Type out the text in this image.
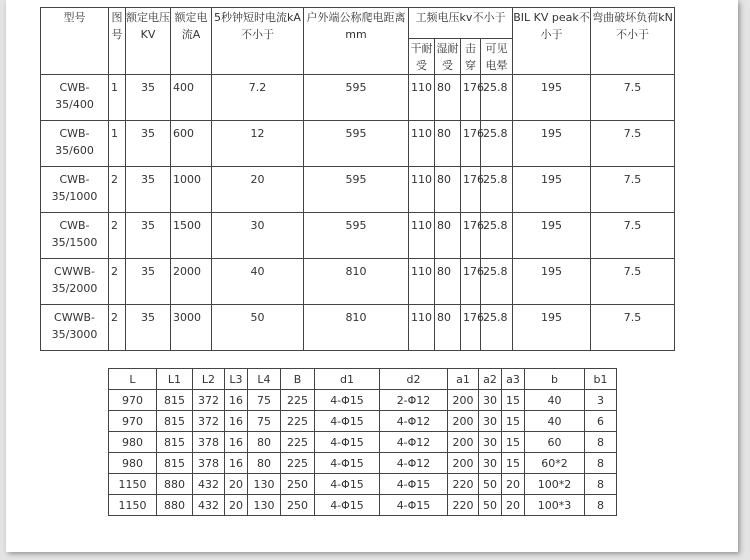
型号	图号	额定电压KV	额定电流A	5秒钟短时电流kA不小于	户外端公称爬电距离mm	工频电压kv不小于				BIL KV peak不小于	弯曲破坏负荷kN不小于
						干耐受	湿耐受	击穿	可见电晕		
CWB-35/400	1	35	400	7.2	595	110	80	176	25.8	195	7.5
CWB-35/600	1	35	600	12	595	110	80	176	25.8	195	7.5
CWB-35/1000	2	35	1000	20	595	110	80	176	25.8	195	7.5
CWB-35/1500	2	35	1500	30	595	110	80	176	25.8	195	7.5
CWWB-35/2000	2	35	2000	40	810	110	80	176	25.8	195	7.5
CWWB-35/3000	2	35	3000	50	810	110	80	176	25.8	195	7.5
L	L1	L2	L3	L4	B	d1	d2	a1	a2	a3	b	b1
970	815	372	16	75	225	4-Φ15	2-Φ12	200	30	15	40	3
970	815	372	16	75	225	4-Φ15	4-Φ12	200	30	15	40	6
980	815	378	16	80	225	4-Φ15	4-Φ12	200	30	15	60	8
980	815	378	16	80	225	4-Φ15	4-Φ12	200	30	15	60*2	8
1150	880	432	20	130	250	4-Φ15	4-Φ15	220	50	20	100*2	8
1150	880	432	20	130	250	4-Φ15	4-Φ15	220	50	20	100*3	8
